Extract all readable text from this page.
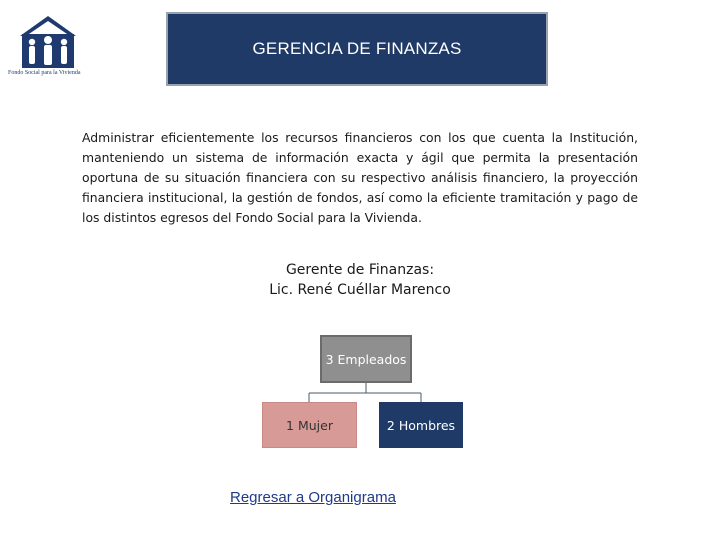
Fondo Social para la Vivienda
GERENCIA DE FINANZAS

Administrar eficientemente los recursos financieros con los que cuenta la Institución, manteniendo un sistema de información exacta y ágil que permita la presentación oportuna de su situación financiera con su respectivo análisis financiero, la proyección financiera institucional, la gestión de fondos, así como la eficiente tramitación y pago de los distintos egresos del Fondo Social para la Vivienda.

Gerente de Finanzas:
Lic. René Cuéllar Marenco
3 Empleados
1 Mujer	2 Hombres
Regresar a Organigrama
